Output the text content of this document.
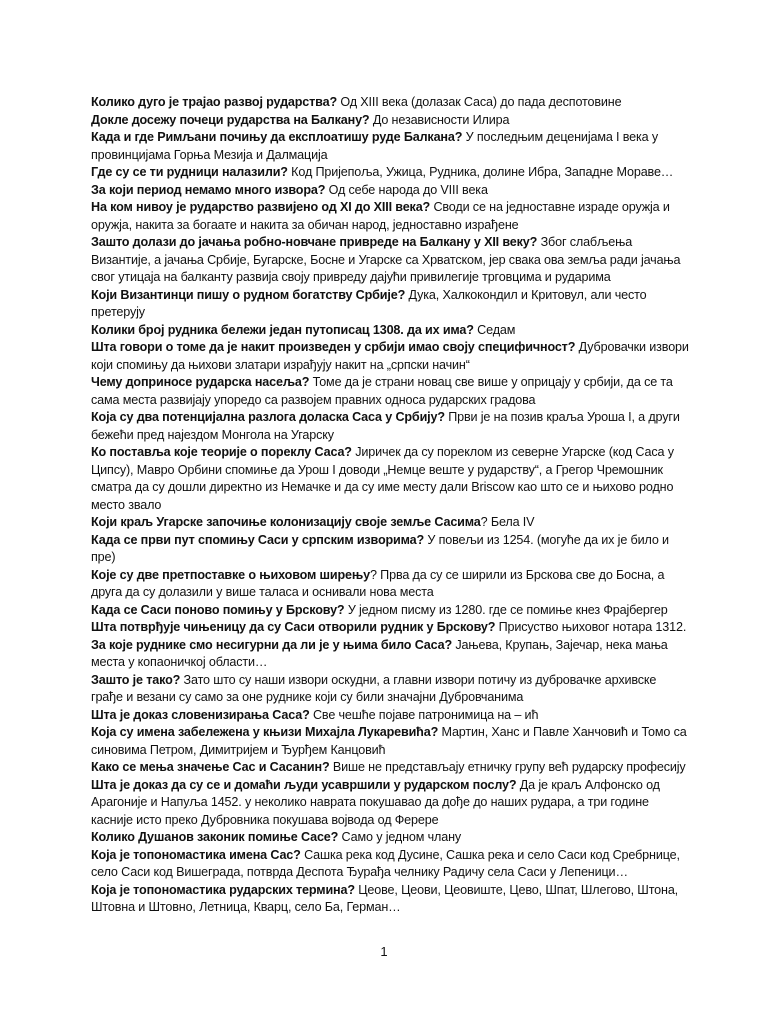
Колико дуго је трајао развој рударства? Од XIII века (долазак Саса) до пада деспотовине

Докле досежу почеци рударства на Балкану? До независности Илира

Када и где Римљани почињу да експлоатишу руде Балкана? У последњим деценијама I века у провинцијама Горња Мезија и Далмација

Где су се ти рудници налазили? Код Пријепоља, Ужица, Рудника, долине Ибра, Западне Мораве…

За који период немамо много извора? Од себе народа до VIII века

На ком нивоу је рударство развијено од XI до XIII века? Своди се на једноставне израде оружја и оружја, накита за богаате и накита за обичан народ, једноставно израђене

Зашто долази до јачања робно-новчане привреде на Балкану у XII веку? Због слабљења Византије, а јачања Србије, Бугарске, Босне и Угарске са Хрватском, јер свака ова земља ради јачања свог утицаја на балканту развија своју привреду дајући привилегије трговцима и рударима

Који Византинци пишу о рудном богатству Србије? Дука, Халкокондил и Критовул, али често претерују

Колики број рудника бележи један путописац 1308. да их има? Седам

Шта говори о томе да је накит произведен у србији имао своју специфичност? Дубровачки извори који спомињу да њихови златари израђују накит на „српски начин“

Чему доприносе рударска насеља? Томе да је страни новац све више у оприцају у србији, да се та сама места развијају упоредо са развојем правних односа рударских градова

Која су два потенцијална разлога доласка Саса у Србију? Први је на позив краља Уроша I, а други бежећи пред најездом Монгола на Угарску

Ко поставља које теорије о пореклу Саса? Јиричек да су пореклом из северне Угарске (код Саса у Ципсу), Мавро Орбини спомиње да Урош I доводи „Немце веште у рударству“, а Грегор Чремошник сматра да су дошли директно из Немачке и да су име месту дали Briscow као што се и њихово родно место звало

Који краљ Угарске започиње колонизацију своје земље Сасима? Бела IV

Када се први пут спомињу Саси у српским изворима? У повељи из 1254. (могуће да их је било и пре)

Које су две претпоставке о њиховом ширењу? Прва да су се ширили из Брскова све до Босна, а друга да су долазили у више таласа и оснивали нова места

Када се Саси поново помињу у Брскову? У једном писму из 1280. где се помиње кнез Фрајбергер

Шта потврђује чињеницу да су Саси отворили рудник у Брскову? Присуство њиховог нотара 1312.

За које руднике смо несигурни да ли је у њима било Саса? Јањева, Крупањ, Зајечар, нека мања места у копаоничкој области…

Зашто је тако? Зато што су наши извори оскудни, а главни извори потичу из дубровачке архивске грађе и везани су само за оне руднике који су били значајни Дубровчанима

Шта је доказ словенизирања Саса? Све чешће појаве патронимица на – ић

Која су имена забележена у књизи Михаjла Лукаревића? Мартин, Ханс и Павле Ханчовић и Томо са синовима Петром, Димитријем и Ђурђем Канцовић

Како се мења значење Сас и Сасанин? Више не представљају етничку групу већ рударску професију

Шта је доказ да су се и домаћи људи усавршили у рударском послу? Да је краљ Алфонско од Арагоније и Напуља 1452. у неколико наврата покушавао да дође до наших рудара, а три године касније исто преко Дубровника покушава војвода од Ферере

Колико Душанов законик помиње Сасе? Само у једном члану

Која је топономастика имена Сас? Сашка река код Дусине, Сашка река и село Саси код Сребрнице, село Саси код Вишеграда, потврда Деспота Ђурађа челнику Радичу села Саси у Лепеници…

Која је топономастика рударских термина? Цеове, Цеови, Цеовиште, Цево, Шпат, Шлегово, Штона, Штовна и Штовно, Летница, Кварц, село Ба, Герман…

1
